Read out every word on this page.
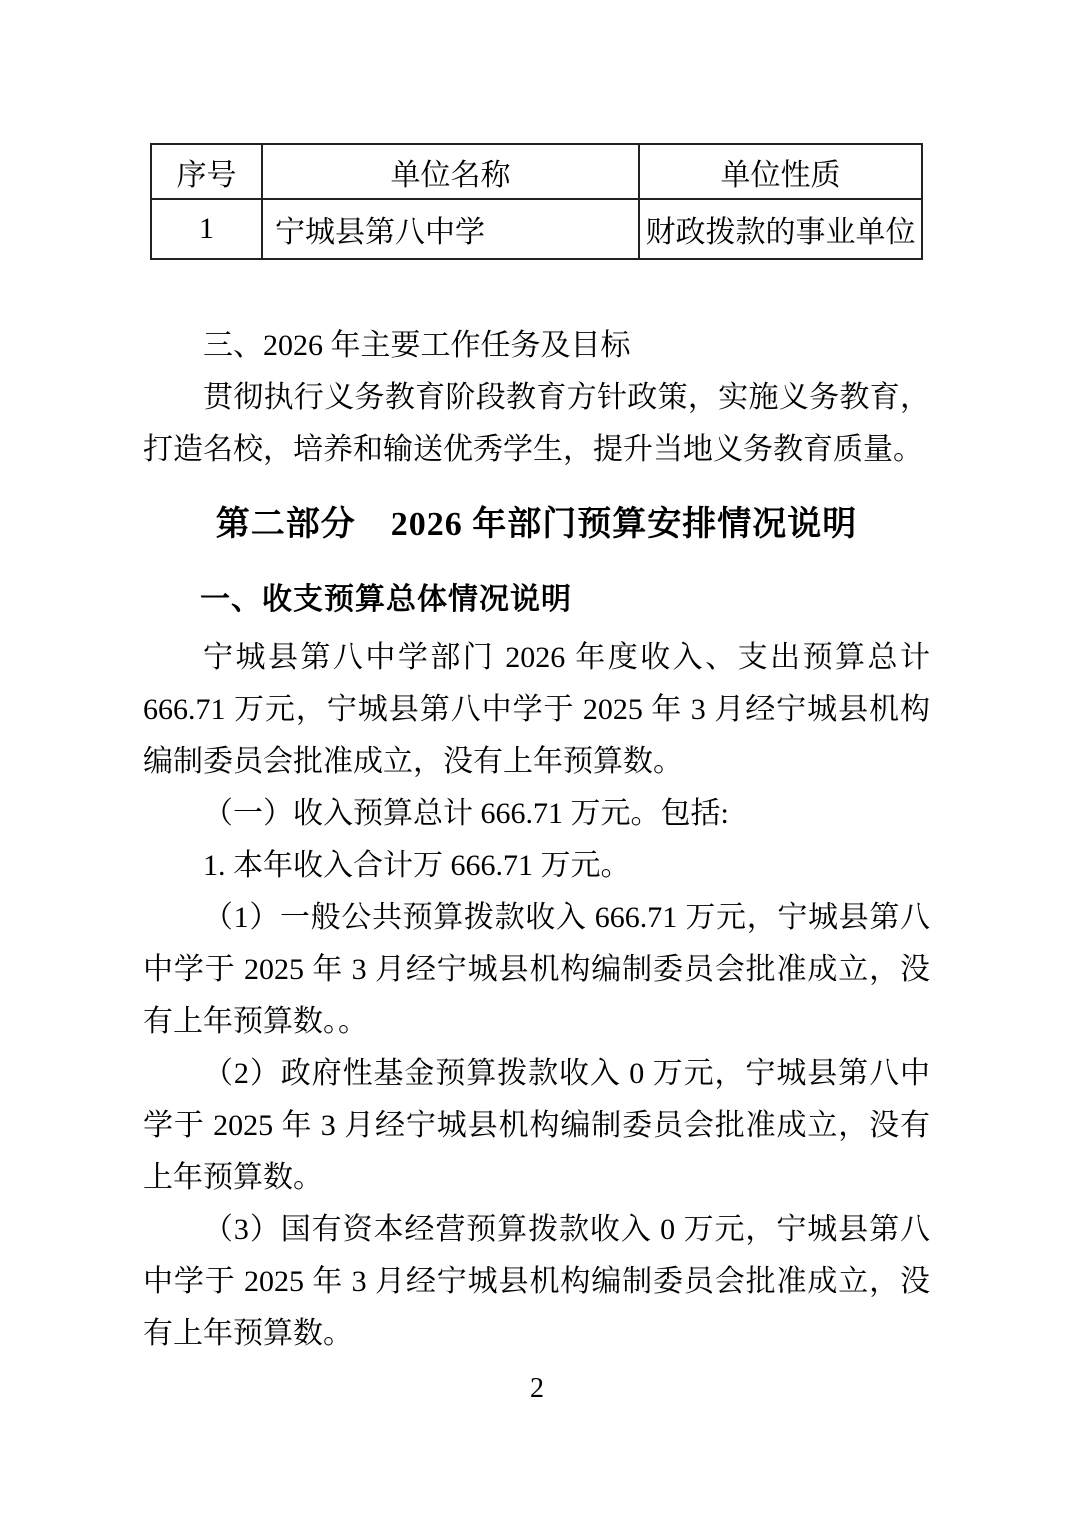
序号	单位名称	单位性质
1	宁城县第八中学	财政拨款的事业单位
三、2026 年主要工作任务及目标
贯彻执行义务教育阶段教育方针政策，实施义务教育，打造名校，培养和输送优秀学生，提升当地义务教育质量。
第二部分　2026 年部门预算安排情况说明
一、收支预算总体情况说明
宁城县第八中学部门 2026 年度收入、支出预算总计 666.71 万元，宁城县第八中学于 2025 年 3 月经宁城县机构编制委员会批准成立，没有上年预算数。
（一）收入预算总计 666.71 万元。包括:
1. 本年收入合计万 666.71 万元。
（1）一般公共预算拨款收入 666.71 万元，宁城县第八中学于 2025 年 3 月经宁城县机构编制委员会批准成立，没有上年预算数。。
（2）政府性基金预算拨款收入 0 万元，宁城县第八中学于 2025 年 3 月经宁城县机构编制委员会批准成立，没有上年预算数。
（3）国有资本经营预算拨款收入 0 万元，宁城县第八中学于 2025 年 3 月经宁城县机构编制委员会批准成立，没有上年预算数。
2
